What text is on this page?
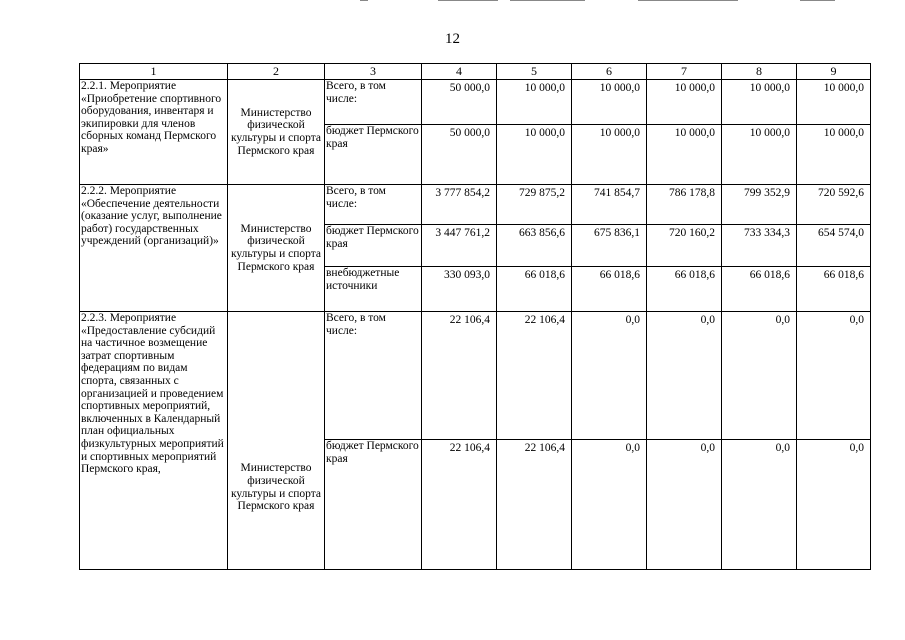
12
1	2	3	4	5	6	7	8	9
2.2.1. Мероприятие «Приобретение спортивного оборудования, инвентаря и экипировки для членов сборных команд Пермского края»	Министерство физической культуры и спорта Пермского края	Всего, в том числе:	50 000,0	10 000,0	10 000,0	10 000,0	10 000,0	10 000,0
		бюджет Пермского края	50 000,0	10 000,0	10 000,0	10 000,0	10 000,0	10 000,0
2.2.2. Мероприятие «Обеспечение деятельности (оказание услуг, выполнение работ) государственных учреждений (организаций)»	Министерство физической культуры и спорта Пермского края	Всего, в том числе:	3 777 854,2	729 875,2	741 854,7	786 178,8	799 352,9	720 592,6
		бюджет Пермского края	3 447 761,2	663 856,6	675 836,1	720 160,2	733 334,3	654 574,0
		внебюджетные источники	330 093,0	66 018,6	66 018,6	66 018,6	66 018,6	66 018,6
2.2.3. Мероприятие «Предоставление субсидий на частичное возмещение затрат спортивным федерациям по видам спорта, связанных с организацией и проведением спортивных мероприятий, включенных в Календарный план официальных физкультурных мероприятий и спортивных мероприятий Пермского края,	Министерство физической культуры и спорта Пермского края	Всего, в том числе:	22 106,4	22 106,4	0,0	0,0	0,0	0,0
		бюджет Пермского края	22 106,4	22 106,4	0,0	0,0	0,0	0,0
